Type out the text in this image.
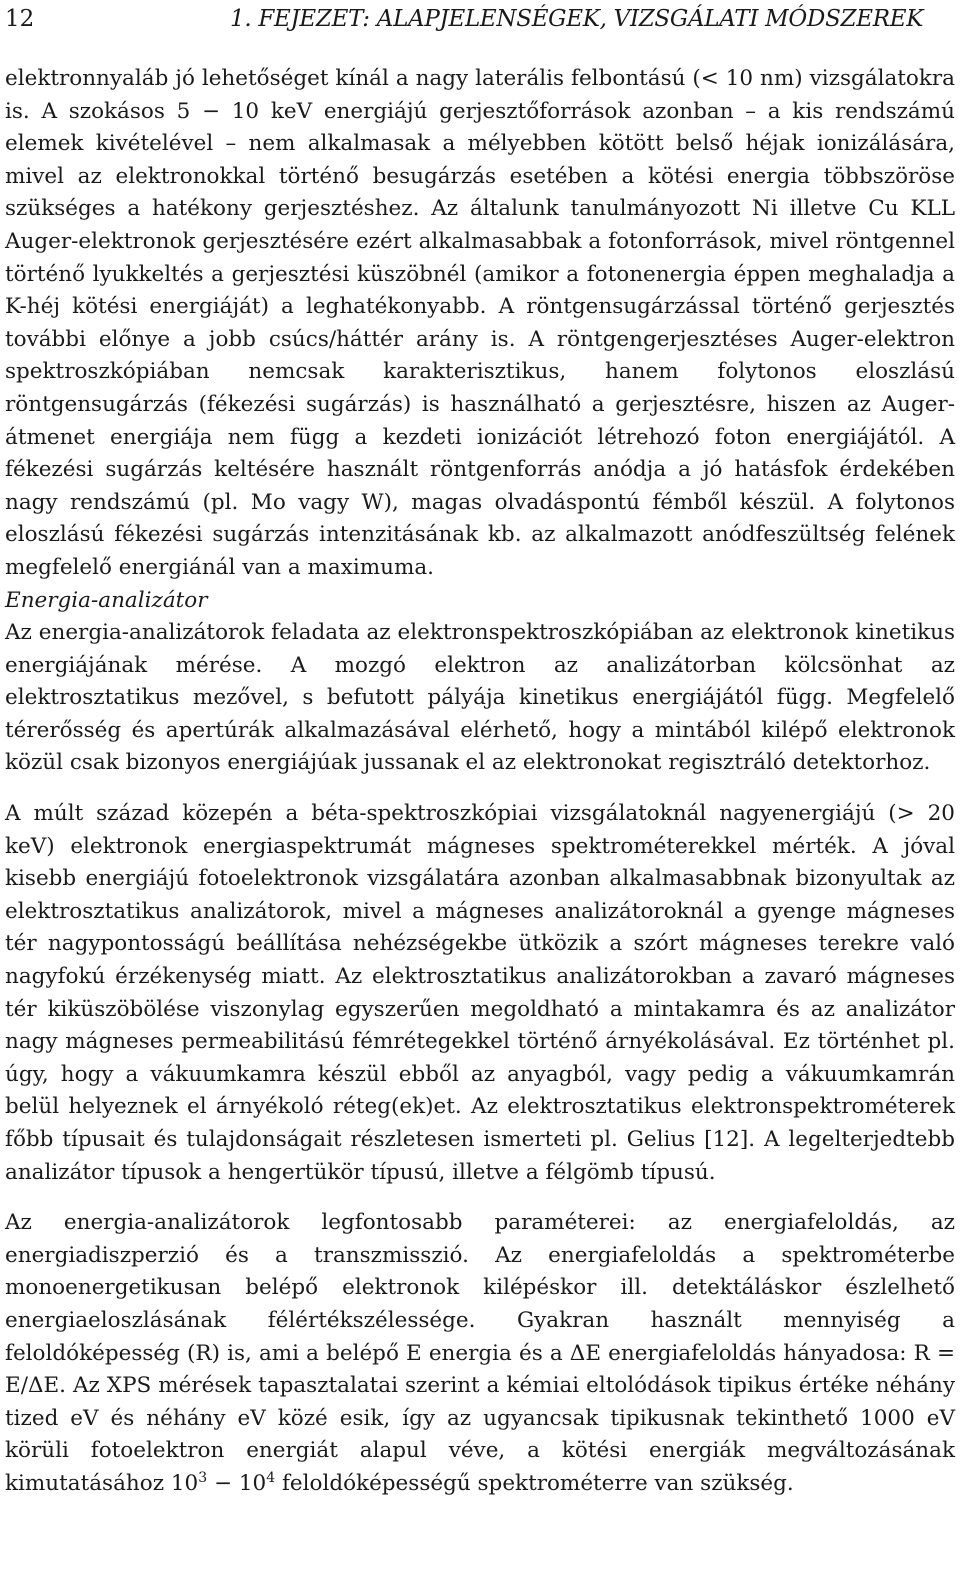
12	1. FEJEZET: ALAPJELENSÉGEK, VIZSGÁLATI MÓDSZEREK

elektronnyaláb jó lehetőséget kínál a nagy laterális felbontású (< 10 nm) vizsgálatokra is. A szokásos 5 − 10 keV energiájú gerjesztőforrások azonban – a kis rendszámú elemek kivételével – nem alkalmasak a mélyebben kötött belső héjak ionizálására, mivel az elektronokkal történő besugárzás esetében a kötési energia többszöröse szükséges a hatékony gerjesztéshez. Az általunk tanulmányozott Ni illetve Cu KLL Auger-elektronok gerjesztésére ezért alkalmasabbak a fotonforrások, mivel röntgennel történő lyukkeltés a gerjesztési küszöbnél (amikor a fotonenergia éppen meghaladja a K-héj kötési energiáját) a leghatékonyabb. A röntgensugárzással történő gerjesztés további előnye a jobb csúcs/háttér arány is. A röntgengerjesztéses Auger-elektron spektroszkópiában nemcsak karakterisztikus, hanem folytonos eloszlású röntgensugárzás (fékezési sugárzás) is használható a gerjesztésre, hiszen az Auger-átmenet energiája nem függ a kezdeti ionizációt létrehozó foton energiájától. A fékezési sugárzás keltésére használt röntgenforrás anódja a jó hatásfok érdekében nagy rendszámú (pl. Mo vagy W), magas olvadáspontú fémből készül. A folytonos eloszlású fékezési sugárzás intenzitásának kb. az alkalmazott anódfeszültség felének megfelelő energiánál van a maximuma.

Energia-analizátor

Az energia-analizátorok feladata az elektronspektroszkópiában az elektronok kinetikus energiájának mérése. A mozgó elektron az analizátorban kölcsönhat az elektrosztatikus mezővel, s befutott pályája kinetikus energiájától függ. Megfelelő térerősség és apertúrák alkalmazásával elérhető, hogy a mintából kilépő elektronok közül csak bizonyos energiájúak jussanak el az elektronokat regisztráló detektorhoz.

A múlt század közepén a béta-spektroszkópiai vizsgálatoknál nagyenergiájú (> 20 keV) elektronok energiaspektrumát mágneses spektrométerekkel mérték. A jóval kisebb energiájú fotoelektronok vizsgálatára azonban alkalmasabbnak bizonyultak az elektrosztatikus analizátorok, mivel a mágneses analizátoroknál a gyenge mágneses tér nagypontosságú beállítása nehézségekbe ütközik a szórt mágneses terekre való nagyfokú érzékenység miatt. Az elektrosztatikus analizátorokban a zavaró mágneses tér kiküszöbölése viszonylag egyszerűen megoldható a mintakamra és az analizátor nagy mágneses permeabilitású fémrétegekkel történő árnyékolásával. Ez történhet pl. úgy, hogy a vákuumkamra készül ebből az anyagból, vagy pedig a vákuumkamrán belül helyeznek el árnyékoló réteg(ek)et. Az elektrosztatikus elektronspektrométerek főbb típusait és tulajdonságait részletesen ismerteti pl. Gelius [12]. A legelterjedtebb analizátor típusok a hengertükör típusú, illetve a félgömb típusú.

Az energia-analizátorok legfontosabb paraméterei: az energiafeloldás, az energiadiszperzió és a transzmisszió. Az energiafeloldás a spektrométerbe monoenergetikusan belépő elektronok kilépéskor ill. detektáláskor észlelhető energiaeloszlásának félértékszélessége. Gyakran használt mennyiség a feloldóképesség (R) is, ami a belépő E energia és a ΔE energiafeloldás hányadosa: R = E/ΔE. Az XPS mérések tapasztalatai szerint a kémiai eltolódások tipikus értéke néhány tized eV és néhány eV közé esik, így az ugyancsak tipikusnak tekinthető 1000 eV körüli fotoelektron energiát alapul véve, a kötési energiák megváltozásának kimutatásához $10^3 - 10^4$ feloldóképességű spektrométerre van szükség.
